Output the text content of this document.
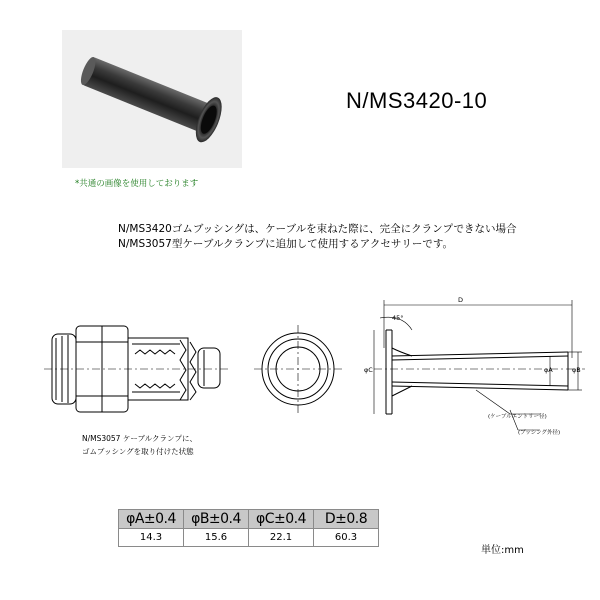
*共通の画像を使用しております
N/MS3420-10
N/MS3420ゴムブッシングは、ケーブルを束ねた際に、完全にクランプできない場合
N/MS3057型ケーブルクランプに追加して使用するアクセサリーです。
D
45°
φC	φA	φB
(ケーブルエントリー径)
(ブッシング外径)
N/MS3057 ケーブルクランプに、
ゴムブッシングを取り付けた状態
φA±0.4	φB±0.4	φC±0.4	D±0.8
14.3	15.6	22.1	60.3
単位:mm
